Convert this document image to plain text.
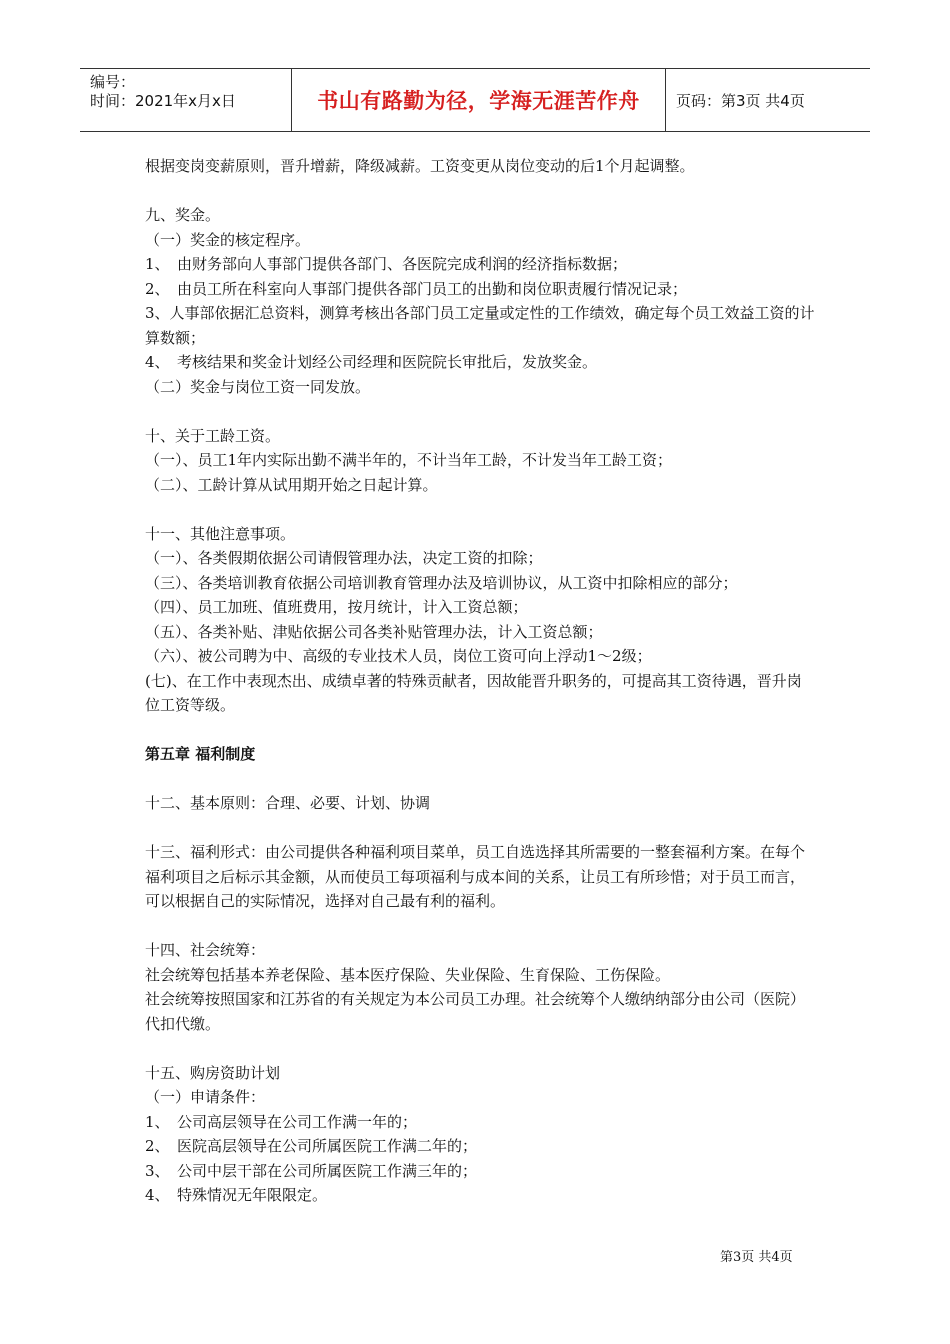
编号：
时间：2021年x月x日	书山有路勤为径，学海无涯苦作舟	页码：第3页 共4页

根据变岗变薪原则，晋升增薪，降级减薪。工资变更从岗位变动的后1个月起调整。

九、奖金。

（一）奖金的核定程序。

1、　由财务部向人事部门提供各部门、各医院完成利润的经济指标数据；

2、　由员工所在科室向人事部门提供各部门员工的出勤和岗位职责履行情况记录；

3、人事部依据汇总资料，测算考核出各部门员工定量或定性的工作绩效，确定每个员工效益工资的计算数额；

4、　考核结果和奖金计划经公司经理和医院院长审批后，发放奖金。

（二）奖金与岗位工资一同发放。

十、关于工龄工资。

（一）、员工1年内实际出勤不满半年的，不计当年工龄，不计发当年工龄工资；

（二）、工龄计算从试用期开始之日起计算。

十一、其他注意事项。

（一）、各类假期依据公司请假管理办法，决定工资的扣除；

（三）、各类培训教育依据公司培训教育管理办法及培训协议，从工资中扣除相应的部分；

（四）、员工加班、值班费用，按月统计，计入工资总额；

（五）、各类补贴、津贴依据公司各类补贴管理办法，计入工资总额；

（六）、被公司聘为中、高级的专业技术人员，岗位工资可向上浮动1～2级；

(七)、在工作中表现杰出、成绩卓著的特殊贡献者，因故能晋升职务的，可提高其工资待遇，晋升岗位工资等级。

第五章 福利制度

十二、基本原则：合理、必要、计划、协调

十三、福利形式：由公司提供各种福利项目菜单，员工自选选择其所需要的一整套福利方案。在每个福利项目之后标示其金额，从而使员工每项福利与成本间的关系，让员工有所珍惜；对于员工而言，可以根据自己的实际情况，选择对自己最有利的福利。

十四、社会统筹：

社会统筹包括基本养老保险、基本医疗保险、失业保险、生育保险、工伤保险。

社会统筹按照国家和江苏省的有关规定为本公司员工办理。社会统筹个人缴纳纳部分由公司（医院）代扣代缴。

十五、购房资助计划

（一）申请条件：

1、　公司高层领导在公司工作满一年的；

2、　医院高层领导在公司所属医院工作满二年的；

3、　公司中层干部在公司所属医院工作满三年的；

4、　特殊情况无年限限定。

第3页 共4页
